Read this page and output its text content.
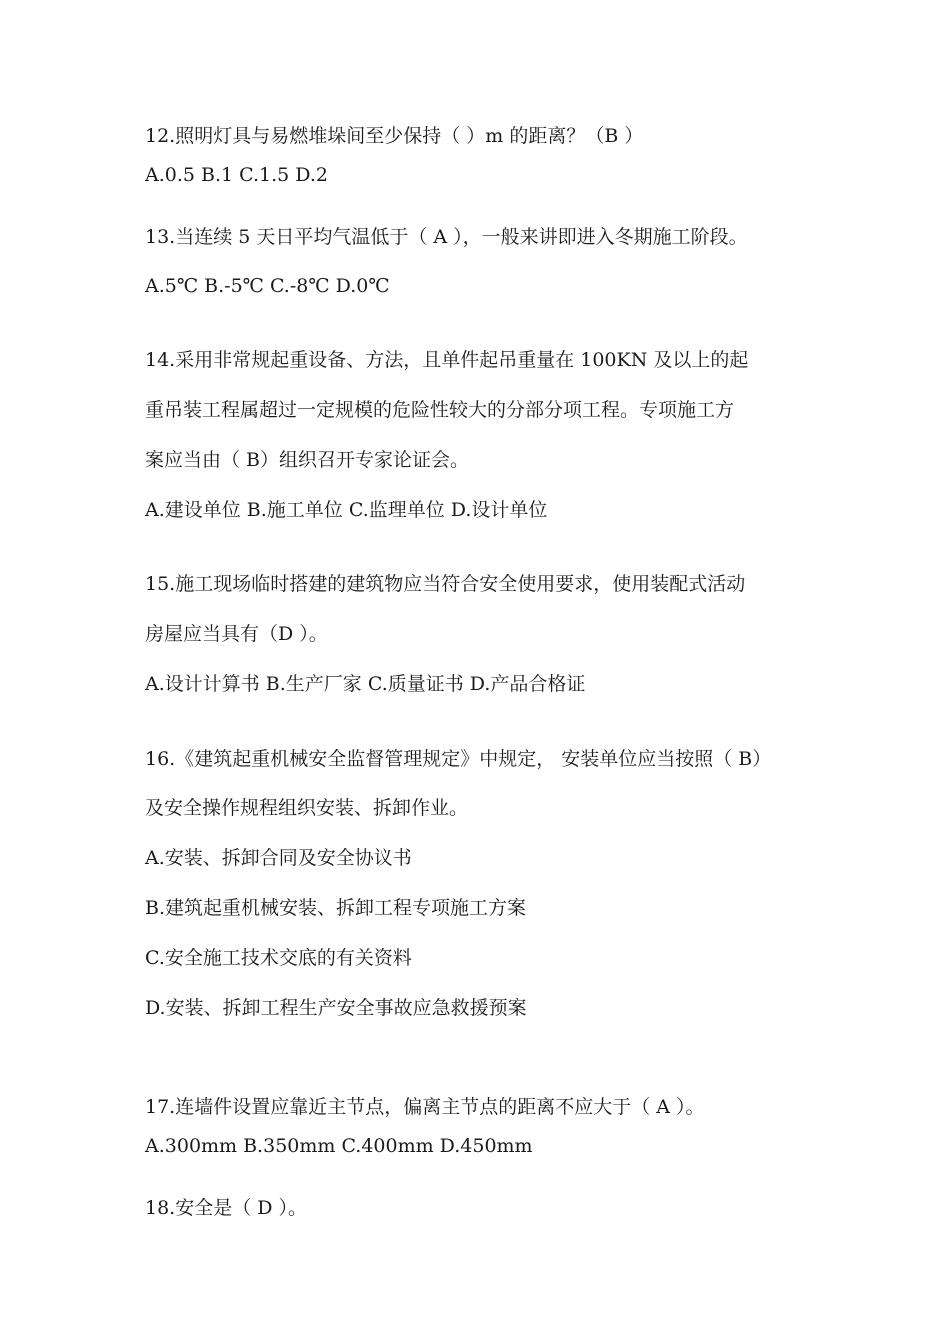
12.照明灯具与易燃堆垛间至少保持（ ）m 的距离？（B ）
A.0.5 B.1 C.1.5 D.2
13.当连续 5 天日平均气温低于（ A ），一般来讲即进入冬期施工阶段。
A.5℃ B.-5℃ C.-8℃ D.0℃
14.采用非常规起重设备、方法，且单件起吊重量在 100KN 及以上的起
重吊装工程属超过一定规模的危险性较大的分部分项工程。专项施工方
案应当由（ B）组织召开专家论证会。
A.建设单位 B.施工单位 C.监理单位 D.设计单位
15.施工现场临时搭建的建筑物应当符合安全使用要求，使用装配式活动
房屋应当具有（D ）。
A.设计计算书 B.生产厂家 C.质量证书 D.产品合格证
16.《建筑起重机械安全监督管理规定》中规定， 安装单位应当按照（ B）
及安全操作规程组织安装、拆卸作业。
A.安装、拆卸合同及安全协议书
B.建筑起重机械安装、拆卸工程专项施工方案
C.安全施工技术交底的有关资料
D.安装、拆卸工程生产安全事故应急救援预案
17.连墙件设置应靠近主节点，偏离主节点的距离不应大于（ A ）。
A.300mm B.350mm C.400mm D.450mm
18.安全是（ D ）。
